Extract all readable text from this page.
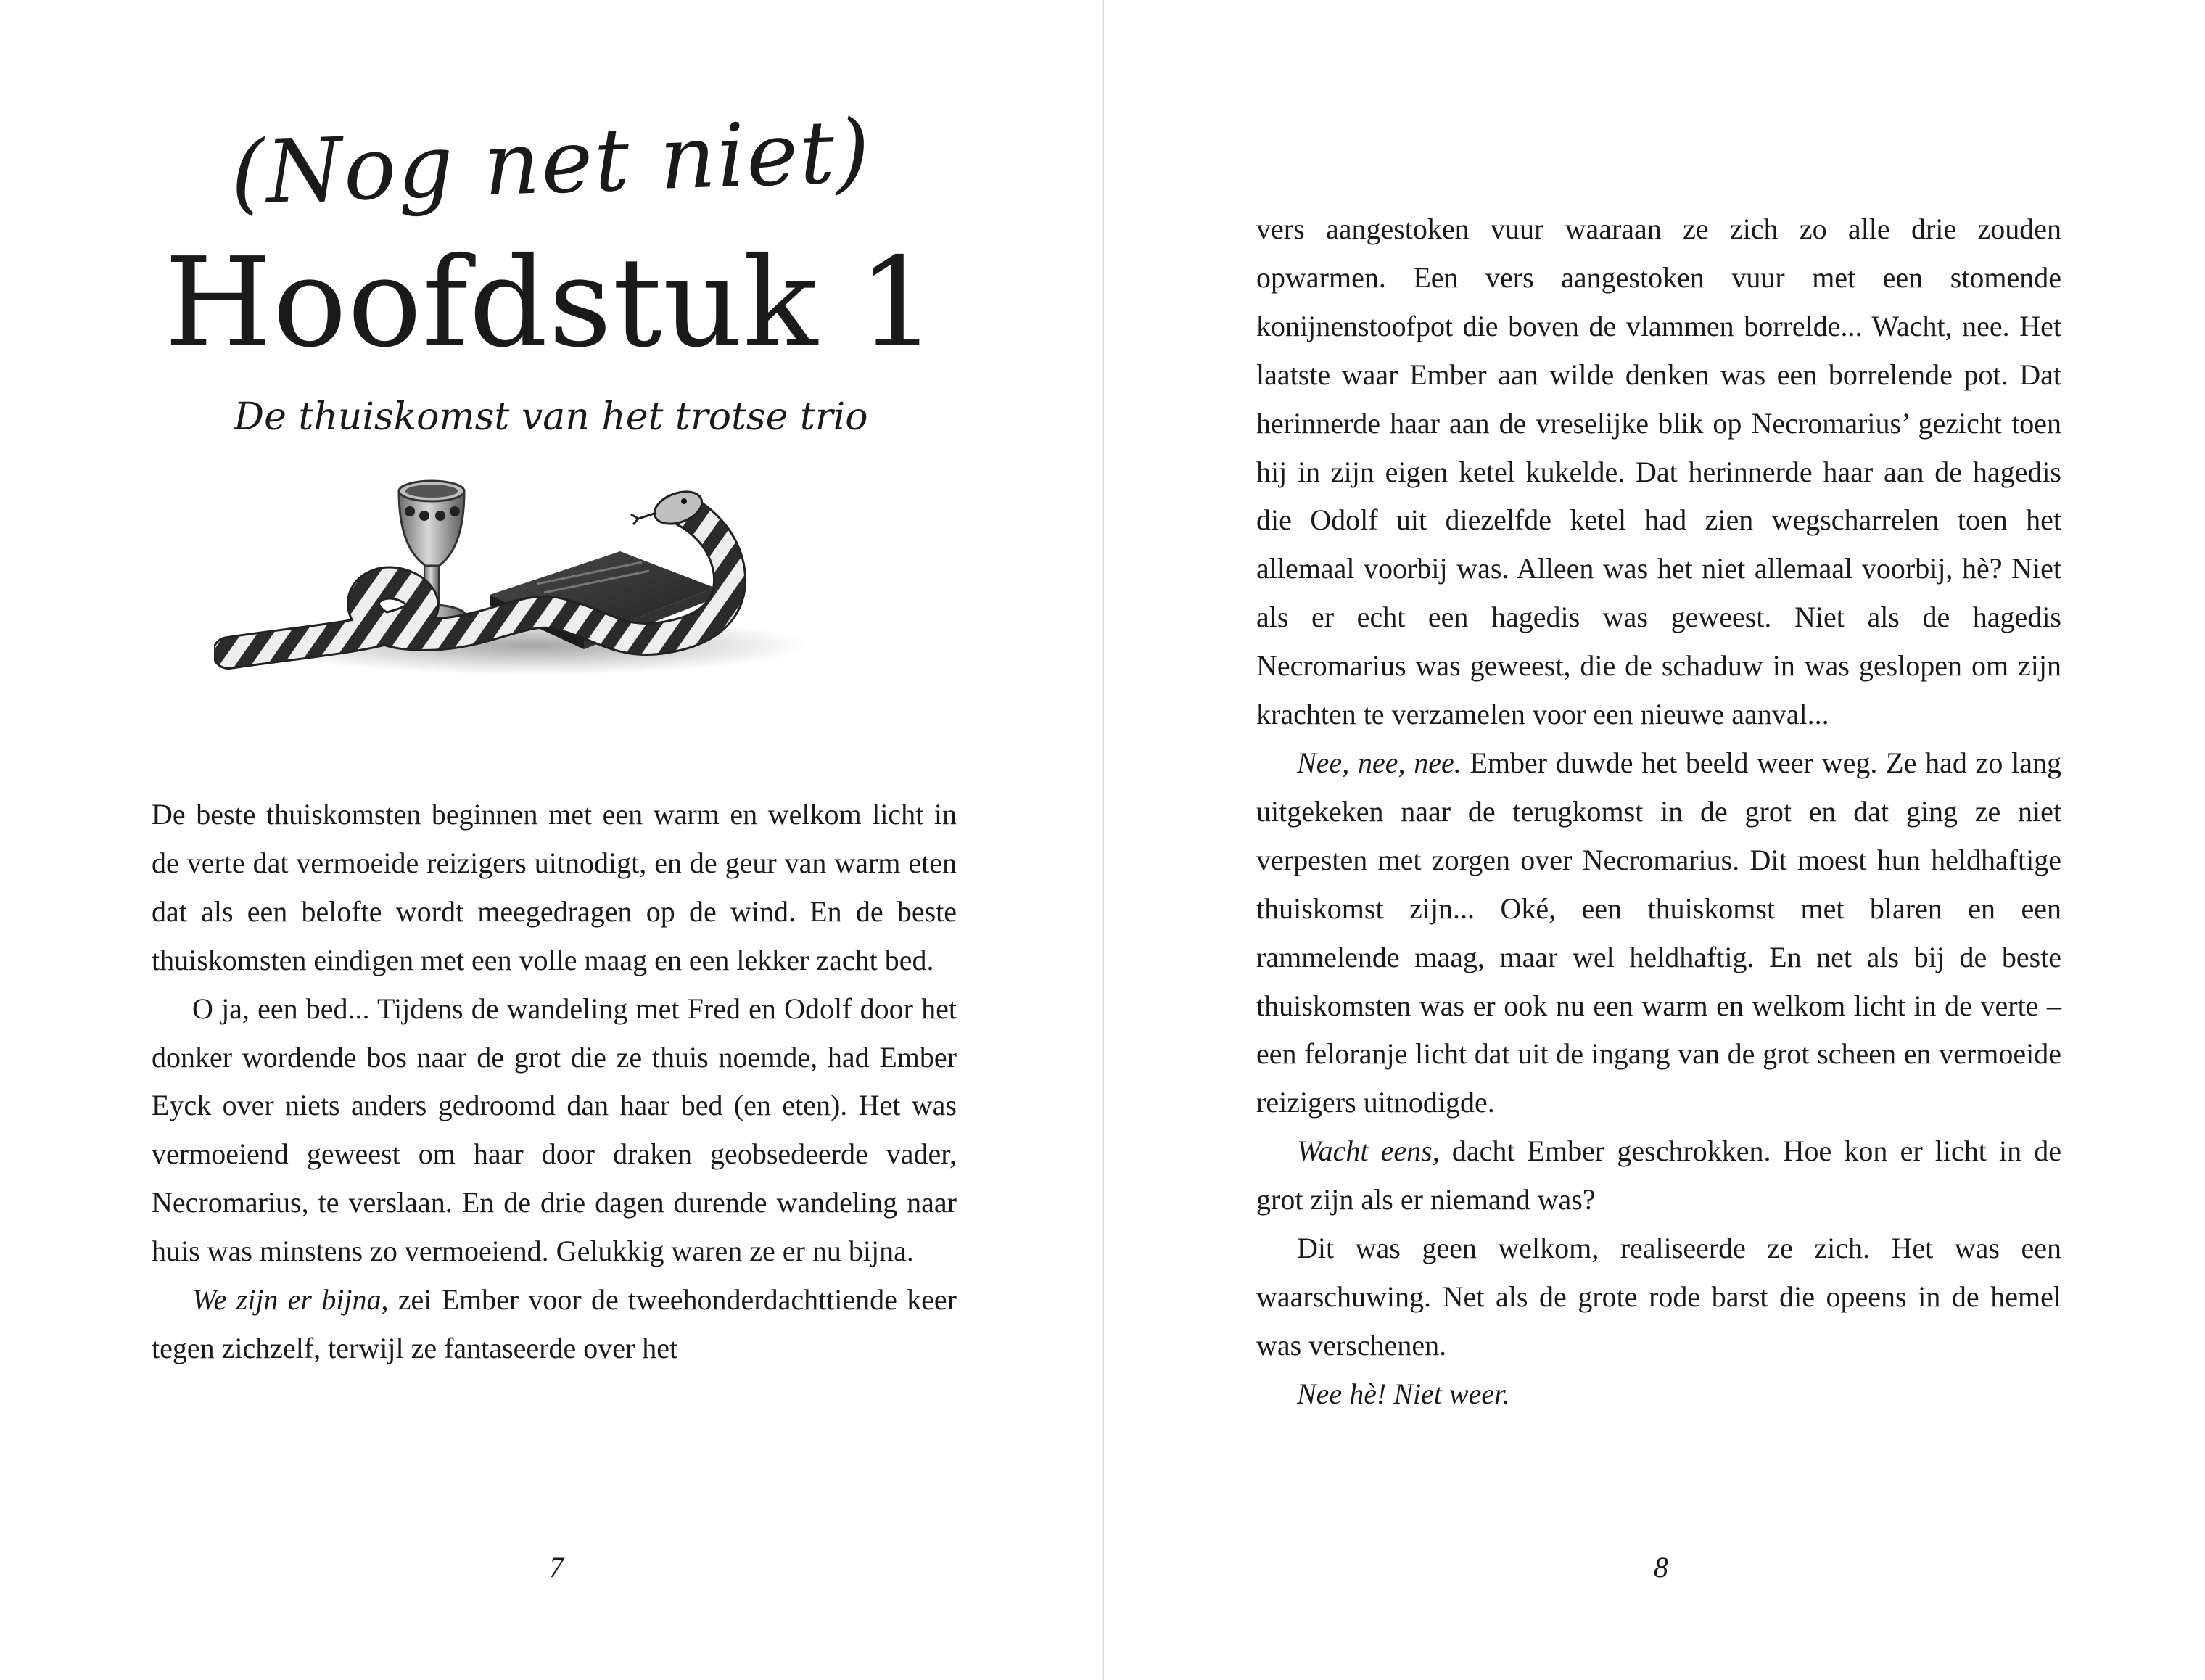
(Nog net niet)
Hoofdstuk 1
De thuiskomst van het trotse trio

De beste thuiskomsten beginnen met een warm en welkom licht in de verte dat vermoeide reizigers uitnodigt, en de geur van warm eten dat als een belofte wordt meegedragen op de wind. En de beste thuiskomsten eindigen met een volle maag en een lekker zacht bed.

O ja, een bed... Tijdens de wandeling met Fred en Odolf door het donker wordende bos naar de grot die ze thuis noemde, had Ember Eyck over niets anders gedroomd dan haar bed (en eten). Het was vermoeiend geweest om haar door draken geobsedeerde vader, Necromarius, te verslaan. En de drie dagen durende wandeling naar huis was minstens zo vermoeiend. Gelukkig waren ze er nu bijna.

We zijn er bijna, zei Ember voor de tweehonderdachttiende keer tegen zichzelf, terwijl ze fantaseerde over het

7

vers aangestoken vuur waaraan ze zich zo alle drie zouden opwarmen. Een vers aangestoken vuur met een stomende konijnenstoofpot die boven de vlammen borrelde... Wacht, nee. Het laatste waar Ember aan wilde denken was een borrelende pot. Dat herinnerde haar aan de vreselijke blik op Necromarius’ gezicht toen hij in zijn eigen ketel kukelde. Dat herinnerde haar aan de hagedis die Odolf uit diezelfde ketel had zien wegscharrelen toen het allemaal voorbij was. Alleen was het niet allemaal voorbij, hè? Niet als er echt een hagedis was geweest. Niet als de hagedis Necromarius was geweest, die de schaduw in was geslopen om zijn krachten te verzamelen voor een nieuwe aanval...

Nee, nee, nee. Ember duwde het beeld weer weg. Ze had zo lang uitgekeken naar de terugkomst in de grot en dat ging ze niet verpesten met zorgen over Necromarius. Dit moest hun heldhaftige thuiskomst zijn... Oké, een thuiskomst met blaren en een rammelende maag, maar wel heldhaftig. En net als bij de beste thuiskomsten was er ook nu een warm en welkom licht in de verte – een feloranje licht dat uit de ingang van de grot scheen en vermoeide reizigers uitnodigde.

Wacht eens, dacht Ember geschrokken. Hoe kon er licht in de grot zijn als er niemand was?

Dit was geen welkom, realiseerde ze zich. Het was een waarschuwing. Net als de grote rode barst die opeens in de hemel was verschenen.

Nee hè! Niet weer.

8
